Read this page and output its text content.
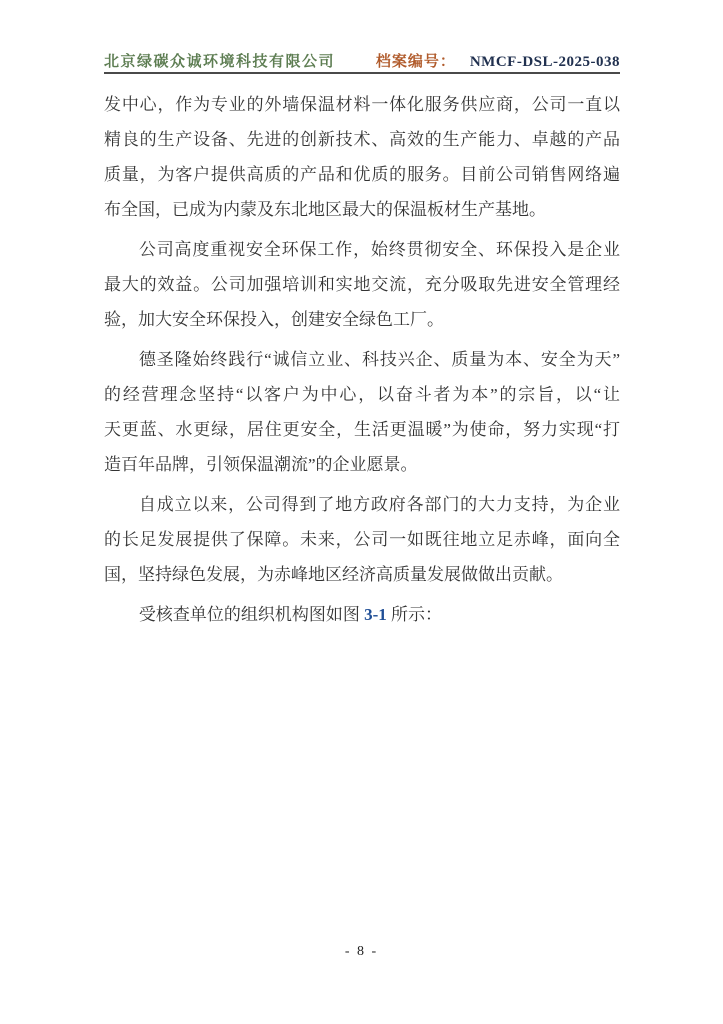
北京绿碳众诚环境科技有限公司	档案编号： NMCF-DSL-2025-038
发中心，作为专业的外墙保温材料一体化服务供应商，公司一直以
精良的生产设备、先进的创新技术、高效的生产能力、卓越的产品
质量，为客户提供高质的产品和优质的服务。目前公司销售网络遍
布全国，已成为内蒙及东北地区最大的保温板材生产基地。
公司高度重视安全环保工作，始终贯彻安全、环保投入是企业
最大的效益。公司加强培训和实地交流，充分吸取先进安全管理经
验，加大安全环保投入，创建安全绿色工厂。
德圣隆始终践行“诚信立业、科技兴企、质量为本、安全为天”
的经营理念坚持“以客户为中心，以奋斗者为本”的宗旨，以“让
天更蓝、水更绿，居住更安全，生活更温暖”为使命，努力实现“打
造百年品牌，引领保温潮流”的企业愿景。
自成立以来，公司得到了地方政府各部门的大力支持，为企业
的长足发展提供了保障。未来，公司一如既往地立足赤峰，面向全
国，坚持绿色发展，为赤峰地区经济高质量发展做做出贡献。
受核查单位的组织机构图如图 3-1 所示：
- 8 -
